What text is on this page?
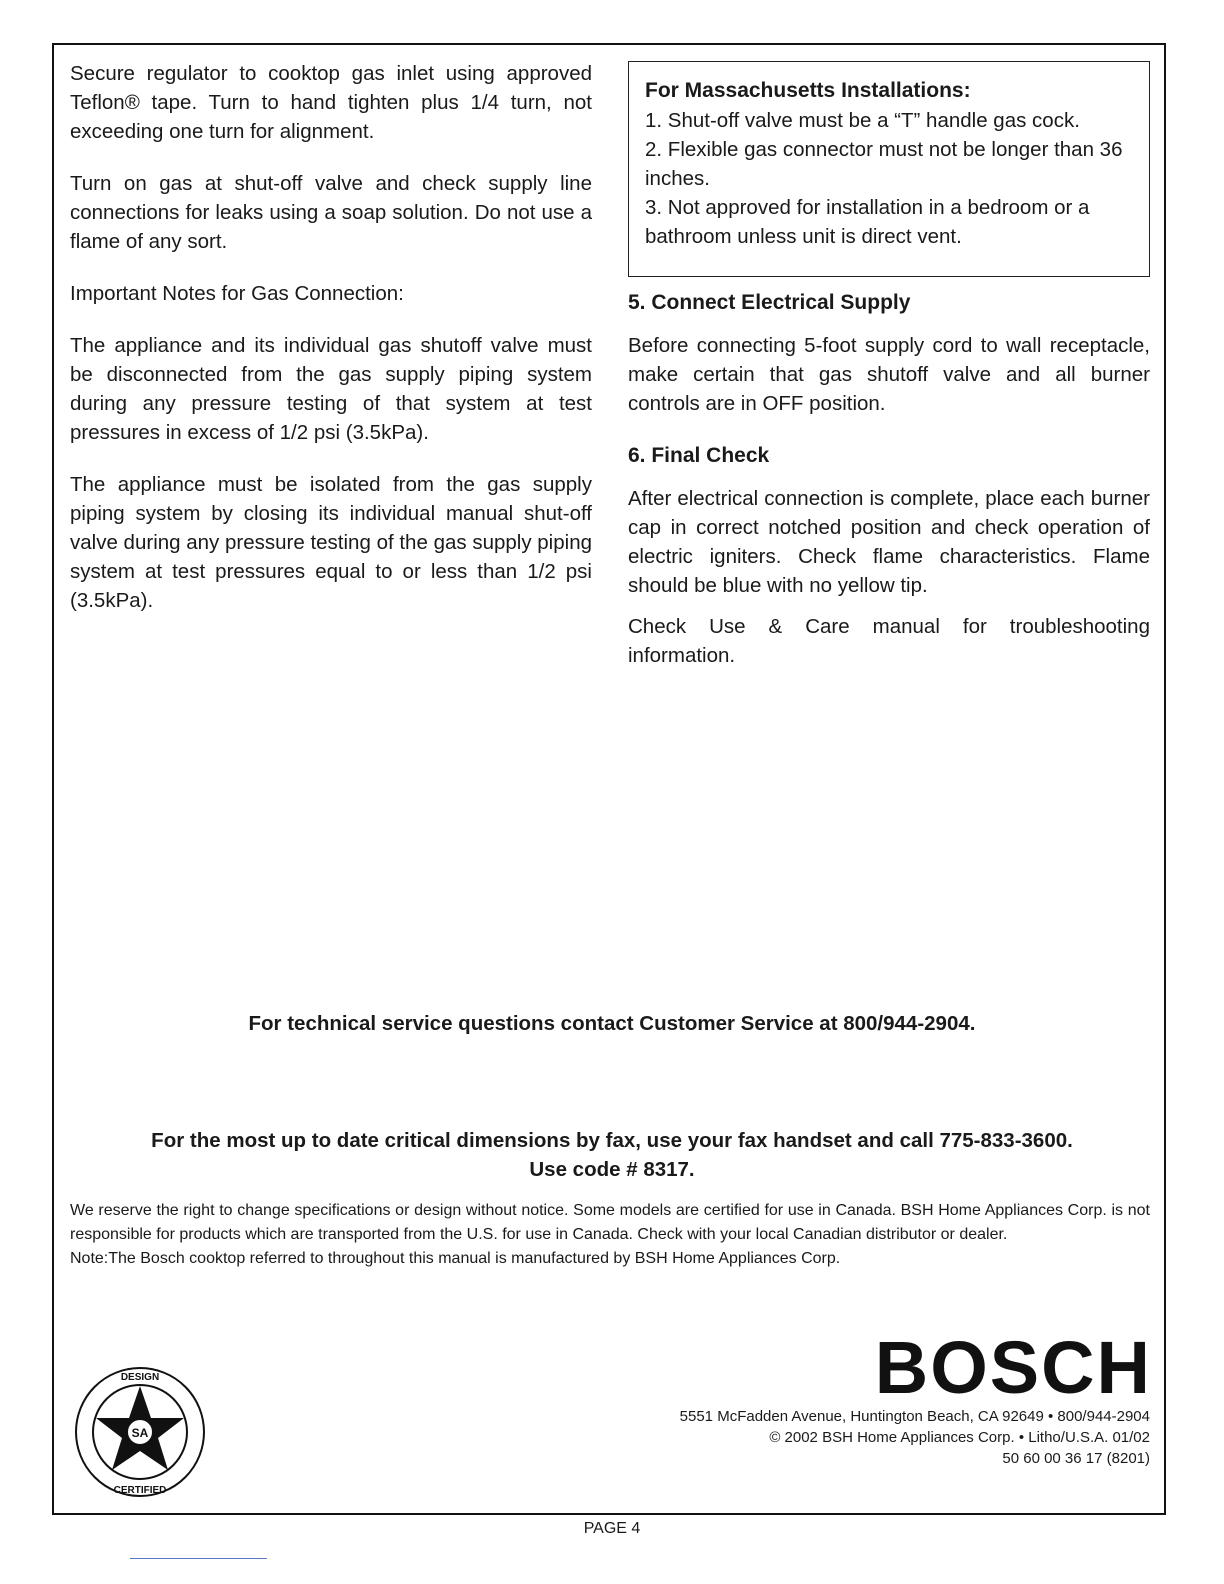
Secure regulator to cooktop gas inlet using approved Teflon® tape. Turn to hand tighten plus 1/4 turn, not exceeding one turn for alignment.

Turn on gas at shut-off valve and check supply line connections for leaks using a soap solution. Do not use a flame of any sort.

Important Notes for Gas Connection:

The appliance and its individual gas shutoff valve must be disconnected from the gas supply piping system during any pressure testing of that system at test pressures in excess of 1/2 psi (3.5kPa).

The appliance must be isolated from the gas supply piping system by closing its individual manual shut-off valve during any pressure testing of the gas supply piping system at test pressures equal to or less than 1/2 psi (3.5kPa).

For Massachusetts Installations:
1. Shut-off valve must be a “T” handle gas cock.
2. Flexible gas connector must not be longer than 36 inches.
3. Not approved for installation in a bedroom or a bathroom unless unit is direct vent.
5. Connect Electrical Supply

Before connecting 5-foot supply cord to wall receptacle, make certain that gas shutoff valve and all burner controls are in OFF position.

6. Final Check

After electrical connection is complete, place each burner cap in correct notched position and check operation of electric igniters. Check flame characteristics. Flame should be blue with no yellow tip.

Check Use & Care manual for troubleshooting information.

For technical service questions contact Customer Service at 800/944-2904.
For the most up to date critical dimensions by fax, use your fax handset and call 775-833-3600.
Use code # 8317.

We reserve the right to change specifications or design without notice. Some models are certified for use in Canada. BSH Home Appliances Corp. is not responsible for products which are transported from the U.S. for use in Canada. Check with your local Canadian distributor or dealer.

Note:The Bosch cooktop referred to throughout this manual is manufactured by BSH Home Appliances Corp.

SA
DESIGN
CERTIFIED
BOSCH
5551 McFadden Avenue, Huntington Beach, CA 92649 • 800/944-2904
© 2002 BSH Home Appliances Corp. • Litho/U.S.A. 01/02
50 60 00 36 17 (8201)
PAGE 4
